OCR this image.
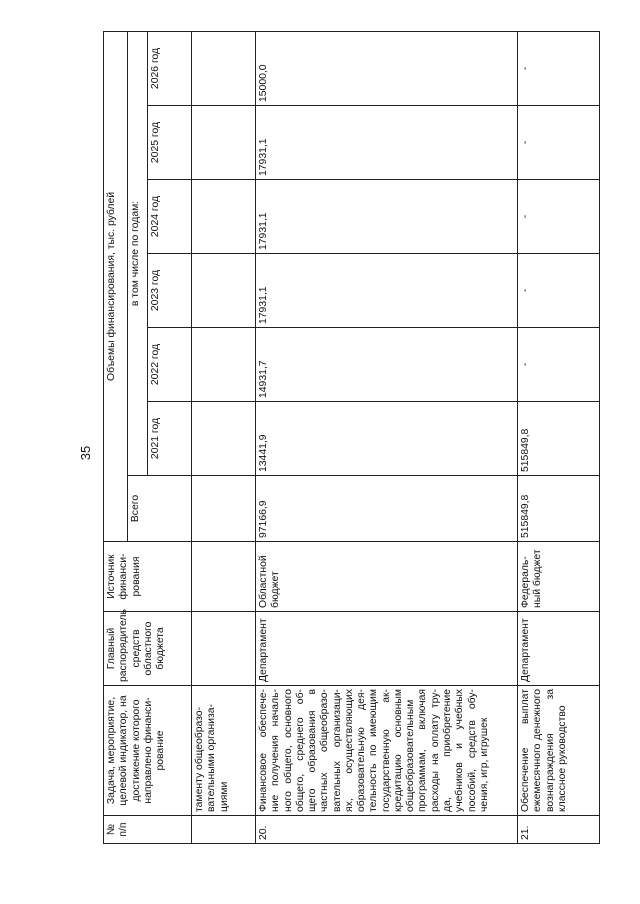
35
№ п/п	Задача, мероприятие, целевой индикатор, на достижение которого направлено финанси-рование	Главный распорядитель средств областного бюджета	Источник финанси-рования	Объемы финансирования, тыс. рублей						
				Всего	в том числе по годам:					
					2021 год	2022 год	2023 год	2024 год	2025 год	2026 год
	таменту общеобразо-вательными организа-циями									
20.	Финансовое обеспече-ние получения началь-ного общего, основного общего, среднего об-щего образования в частных общеобразо-вательных организаци-ях, осуществляющих образовательную дея-тельность по имеющим государственную ак-кредитацию основным общеобразовательным программам, включая расходы на оплату тру-да, приобретение учебников и учебных пособий, средств обу-чения, игр, игрушек	Департамент	Областной бюджет	97166,9	13441,9	14931,7	17931,1	17931,1	17931,1	15000,0
21.	Обеспечение выплат ежемесячного денежного вознаграждения за классное руководство	Департамент	Федераль-ный бюджет	515849,8	515849,8	-	-	-	-	-
